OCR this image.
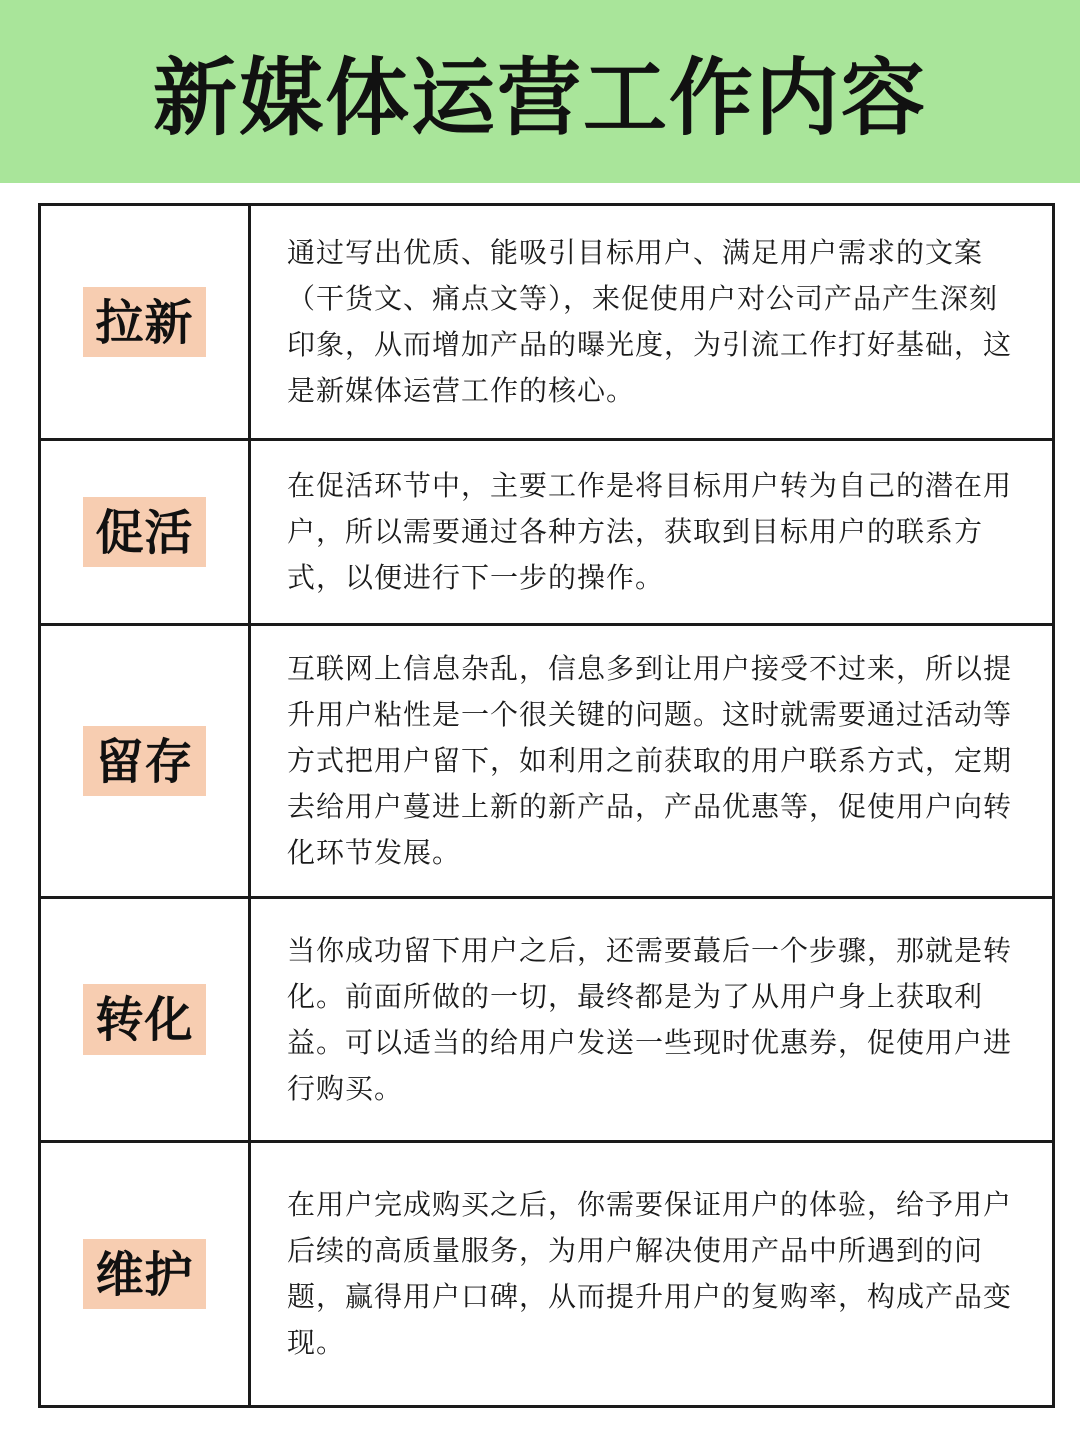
新媒体运营工作内容
拉新
通过写出优质、能吸引目标用户、满足用户需求的文案（干货文、痛点文等），来促使用户对公司产品产生深刻印象，从而增加产品的曝光度，为引流工作打好基础，这是新媒体运营工作的核心。
促活
在促活环节中，主要工作是将目标用户转为自己的潜在用户，所以需要通过各种方法，获取到目标用户的联系方式，以便进行下一步的操作。
留存
互联网上信息杂乱，信息多到让用户接受不过来，所以提升用户粘性是一个很关键的问题。这时就需要通过活动等方式把用户留下，如利用之前获取的用户联系方式，定期去给用户蔓进上新的新产品，产品优惠等，促使用户向转化环节发展。
转化
当你成功留下用户之后，还需要蕞后一个步骤，那就是转化。前面所做的一切，最终都是为了从用户身上获取利益。可以适当的给用户发送一些现时优惠券，促使用户进行购买。
维护
在用户完成购买之后，你需要保证用户的体验，给予用户后续的高质量服务，为用户解决使用产品中所遇到的问题，赢得用户口碑，从而提升用户的复购率，构成产品变现。
